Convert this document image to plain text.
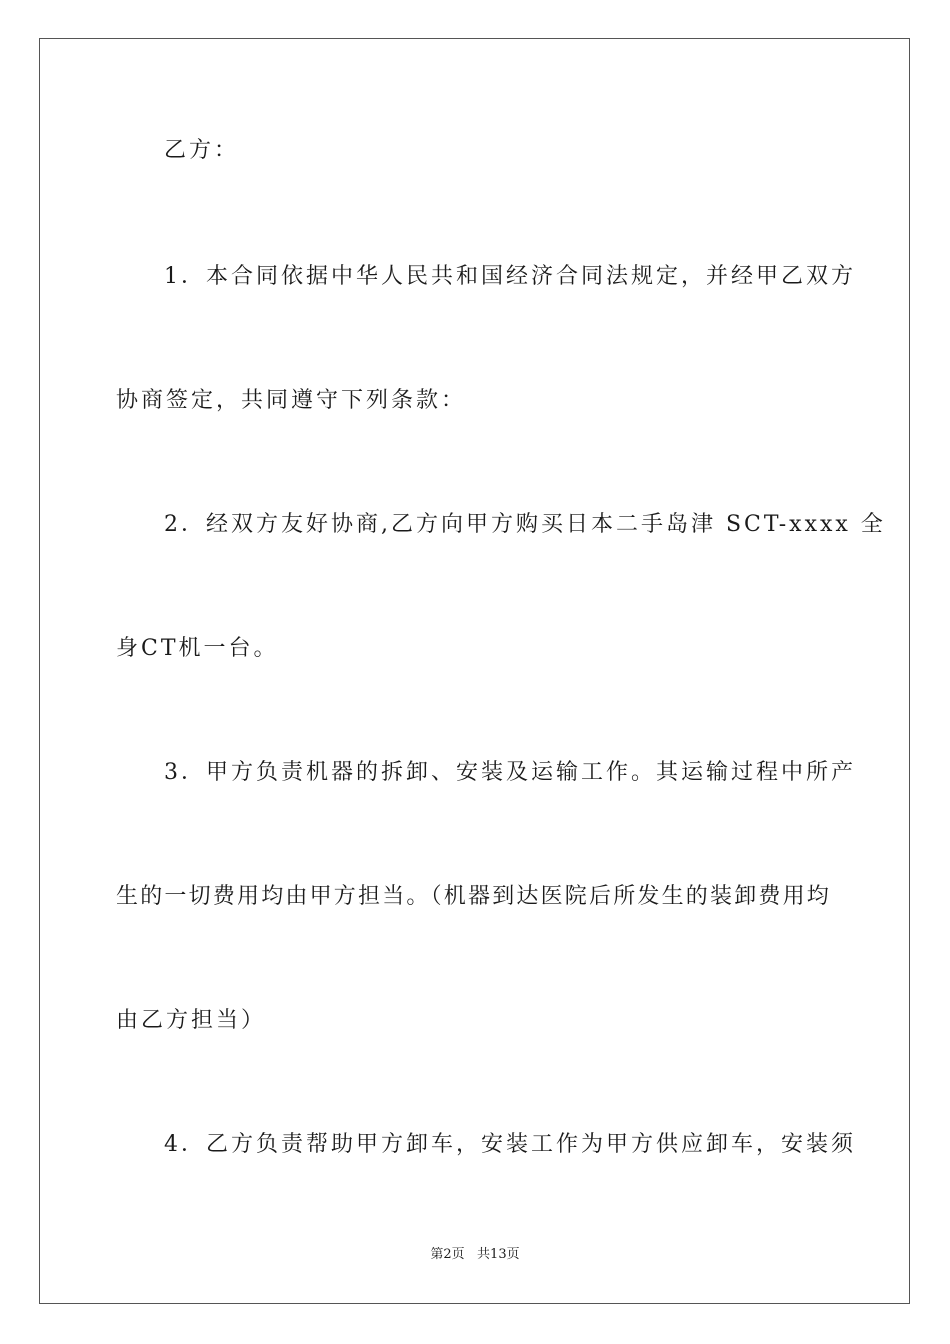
乙方：
1．本合同依据中华人民共和国经济合同法规定，并经甲乙双方
协商签定，共同遵守下列条款：
2．经双方友好协商,乙方向甲方购买日本二手岛津 SCT-xxxx 全
身CT机一台。
3．甲方负责机器的拆卸、安装及运输工作。其运输过程中所产
生的一切费用均由甲方担当。（机器到达医院后所发生的装卸费用均
由乙方担当）
4．乙方负责帮助甲方卸车，安装工作为甲方供应卸车，安装须
第2页   共13页
